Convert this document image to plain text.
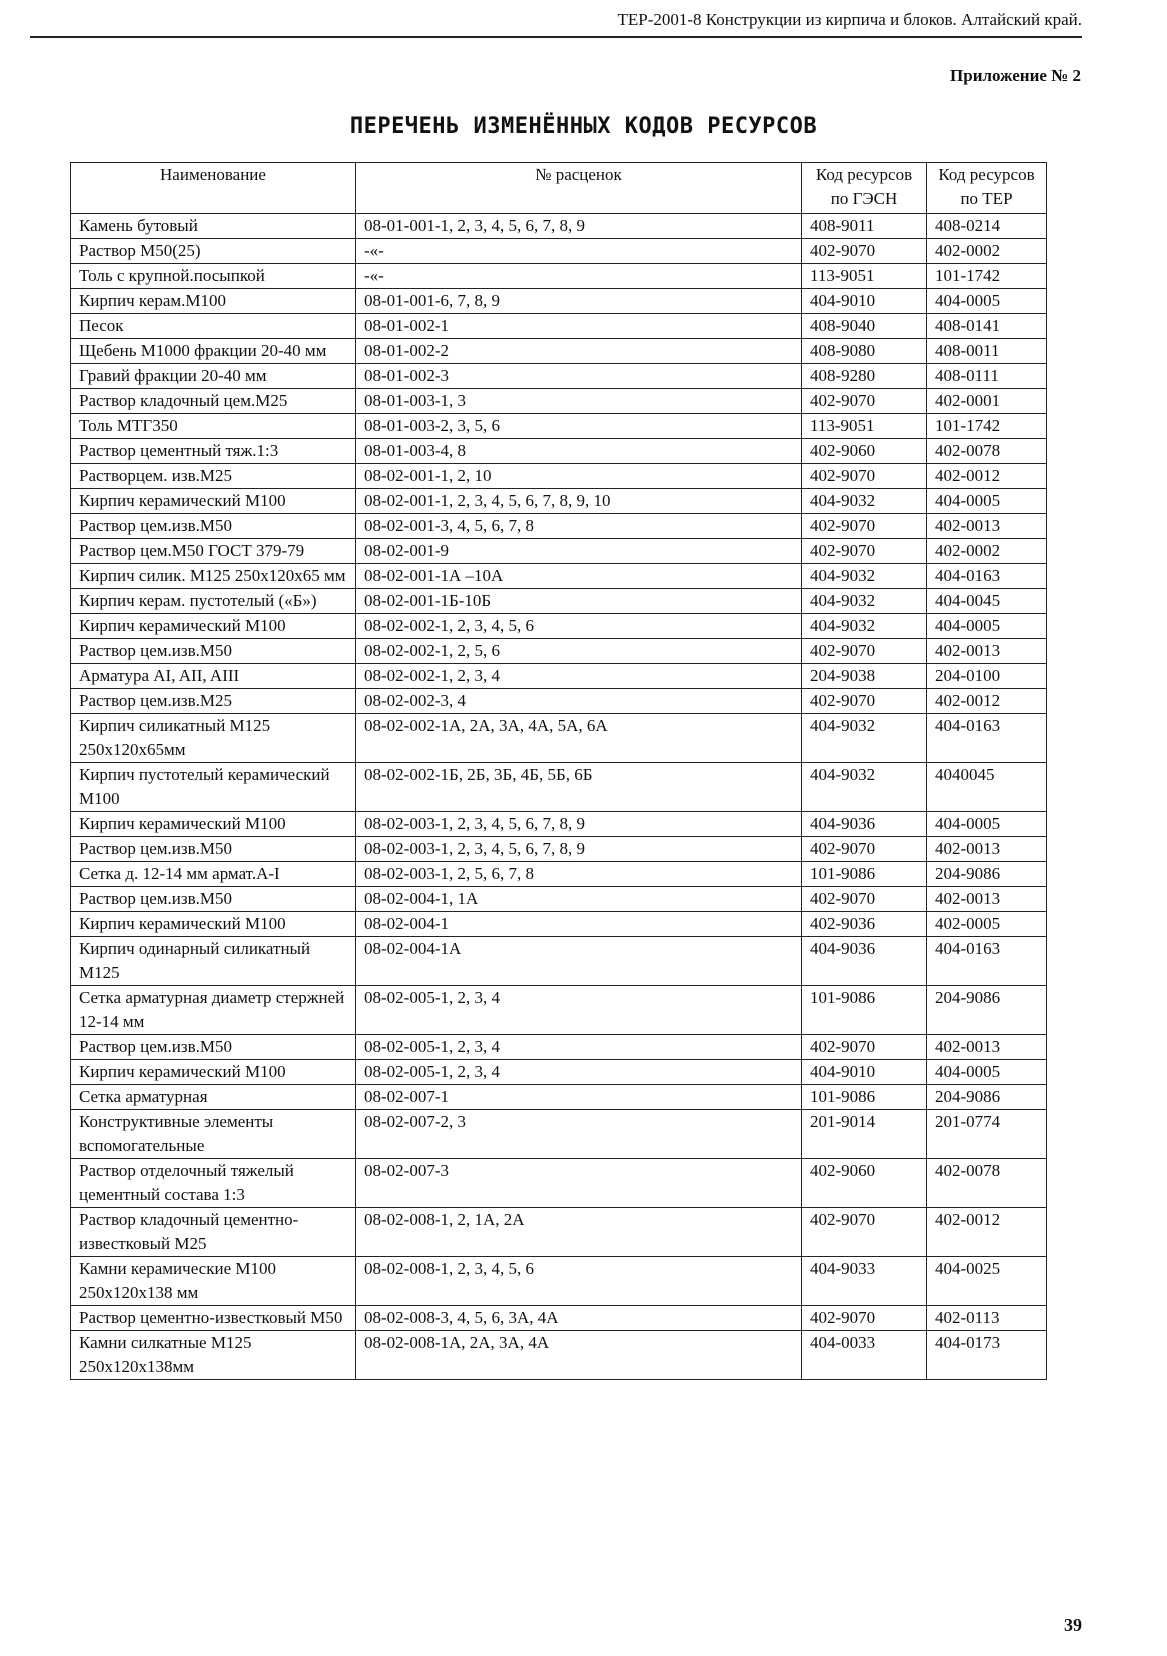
ТЕР-2001-8 Конструкции из кирпича и блоков. Алтайский край.
Приложение № 2
ПЕРЕЧЕНЬ ИЗМЕНЁННЫХ КОДОВ РЕСУРСОВ
Наименование	№ расценок	Код ресурсов по ГЭСН	Код ресурсов по ТЕР
Камень бутовый	08-01-001-1, 2, 3, 4, 5, 6, 7, 8, 9	408-9011	408-0214
Раствор М50(25)	-«-	402-9070	402-0002
Толь с крупной.посыпкой	-«-	113-9051	101-1742
Кирпич керам.М100	08-01-001-6, 7, 8, 9	404-9010	404-0005
Песок	08-01-002-1	408-9040	408-0141
Щебень М1000 фракции 20-40 мм	08-01-002-2	408-9080	408-0011
Гравий фракции 20-40 мм	08-01-002-3	408-9280	408-0111
Раствор кладочный цем.М25	08-01-003-1, 3	402-9070	402-0001
Толь МТГ350	08-01-003-2, 3, 5, 6	113-9051	101-1742
Раствор цементный тяж.1:3	08-01-003-4, 8	402-9060	402-0078
Растворцем. изв.М25	08-02-001-1, 2, 10	402-9070	402-0012
Кирпич керамический М100	08-02-001-1, 2, 3, 4, 5, 6, 7, 8, 9, 10	404-9032	404-0005
Раствор цем.изв.М50	08-02-001-3, 4, 5, 6, 7, 8	402-9070	402-0013
Раствор цем.М50 ГОСТ 379-79	08-02-001-9	402-9070	402-0002
Кирпич силик. М125 250х120х65 мм	08-02-001-1А –10А	404-9032	404-0163
Кирпич керам. пустотелый («Б»)	08-02-001-1Б-10Б	404-9032	404-0045
Кирпич керамический М100	08-02-002-1, 2, 3, 4, 5, 6	404-9032	404-0005
Раствор цем.изв.М50	08-02-002-1, 2, 5, 6	402-9070	402-0013
Арматура AI, AII, AIII	08-02-002-1, 2, 3, 4	204-9038	204-0100
Раствор цем.изв.М25	08-02-002-3, 4	402-9070	402-0012
Кирпич силикатный М125 250х120х65мм	08-02-002-1А, 2А, 3А, 4А, 5А, 6А	404-9032	404-0163
Кирпич пустотелый керамический М100	08-02-002-1Б, 2Б, 3Б, 4Б, 5Б, 6Б	404-9032	4040045
Кирпич керамический М100	08-02-003-1, 2, 3, 4, 5, 6, 7, 8, 9	404-9036	404-0005
Раствор цем.изв.М50	08-02-003-1, 2, 3, 4, 5, 6, 7, 8, 9	402-9070	402-0013
Сетка д. 12-14 мм армат.А-I	08-02-003-1, 2, 5, 6, 7, 8	101-9086	204-9086
Раствор цем.изв.М50	08-02-004-1, 1А	402-9070	402-0013
Кирпич керамический М100	08-02-004-1	402-9036	402-0005
Кирпич одинарный силикатный М125	08-02-004-1А	404-9036	404-0163
Сетка арматурная диаметр стержней 12-14 мм	08-02-005-1, 2, 3, 4	101-9086	204-9086
Раствор цем.изв.М50	08-02-005-1, 2, 3, 4	402-9070	402-0013
Кирпич керамический М100	08-02-005-1, 2, 3, 4	404-9010	404-0005
Сетка арматурная	08-02-007-1	101-9086	204-9086
Конструктивные элементы вспомогательные	08-02-007-2, 3	201-9014	201-0774
Раствор отделочный тяжелый цементный состава 1:3	08-02-007-3	402-9060	402-0078
Раствор кладочный цементно- известковый М25	08-02-008-1, 2, 1А, 2А	402-9070	402-0012
Камни керамические М100 250х120х138 мм	08-02-008-1, 2, 3, 4, 5, 6	404-9033	404-0025
Раствор цементно-известковый М50	08-02-008-3, 4, 5, 6, 3А, 4А	402-9070	402-0113
Камни силкатные М125 250х120х138мм	08-02-008-1А, 2А, 3А, 4А	404-0033	404-0173
39
